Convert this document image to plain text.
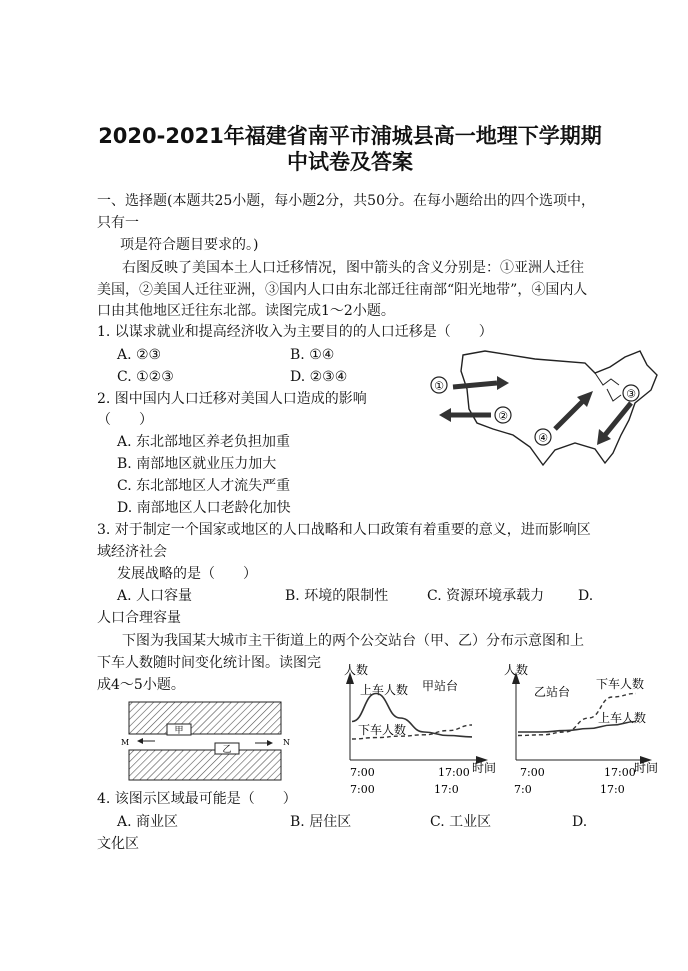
2020-2021年福建省南平市浦城县高一地理下学期期
中试卷及答案
一、选择题(本题共25小题，每小题2分，共50分。在每小题给出的四个选项中，
只有一
项是符合题目要求的。)
右图反映了美国本土人口迁移情况，图中箭头的含义分别是：①亚洲人迁往
美国，②美国人迁往亚洲，③国内人口由东北部迁往南部“阳光地带”，④国内人
口由其他地区迁往东北部。读图完成1～2小题。
1. 以谋求就业和提高经济收入为主要目的的人口迁移是（　　）
A. ②③	B. ①④
C. ①②③	D. ②③④
2. 图中国内人口迁移对美国人口造成的影响
（　　）
A. 东北部地区养老负担加重
B. 南部地区就业压力加大
C. 东北部地区人才流失严重
D. 南部地区人口老龄化加快
3. 对于制定一个国家或地区的人口战略和人口政策有着重要的意义，进而影响区
域经济社会
发展战略的是（　　）
A. 人口容量	B. 环境的限制性	C. 资源环境承载力 D.
人口合理容量
下图为我国某大城市主干街道上的两个公交站台（甲、乙）分布示意图和上
下车人数随时间变化统计图。读图完
成4～5小题。
4. 该图示区域最可能是（　　）
A. 商业区	B. 居住区	C. 工业区	D.
文化区
①
②
③
④
甲
乙
M	N
人数
时间
甲站台
上车人数
下车人数
7:00	17:00
7:00	17:0
人数
时间
乙站台
下车人数
上车人数
7:00	17:00
7:0	17:0
